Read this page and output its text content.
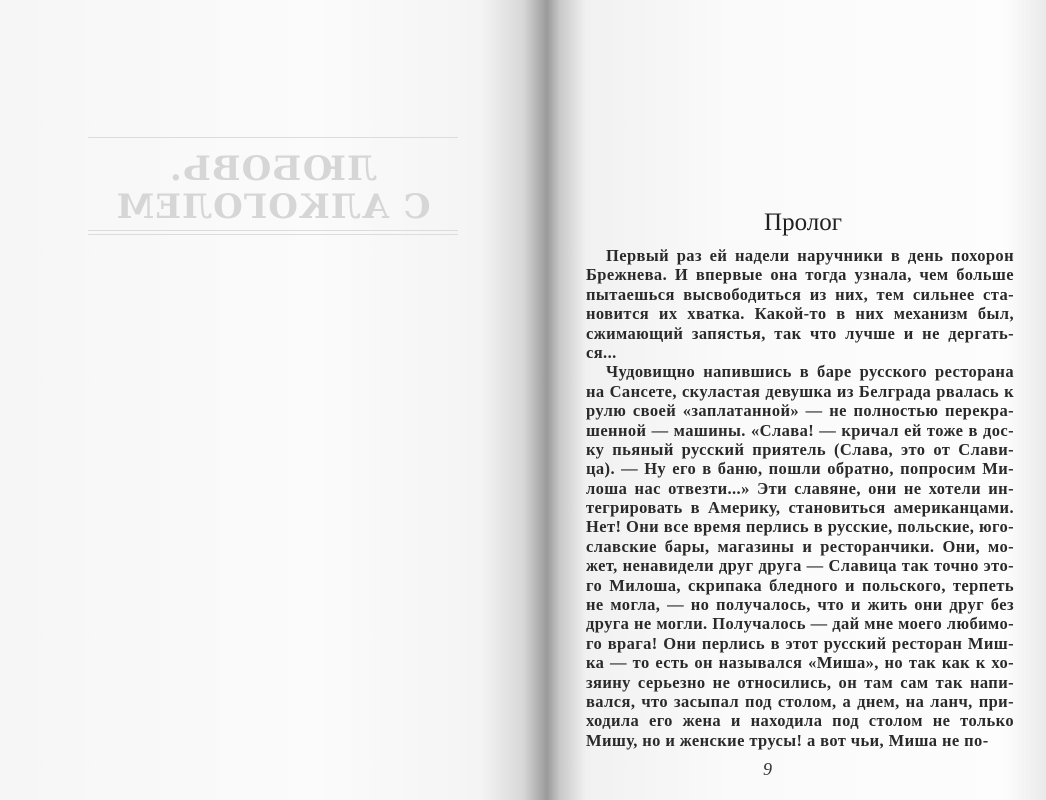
ЛЮБОВЬ.
С АЛКОГОЛЕМ	Пролог
Первый раз ей надели наручники в день похорон
Брежнева. И впервые она тогда узнала, чем больше
пытаешься высвободиться из них, тем сильнее ста-
новится их хватка. Какой-то в них механизм был,
сжимающий запястья, так что лучше и не дергать-
ся...
Чудовищно напившись в баре русского ресторана
на Сансете, скуластая девушка из Белграда рвалась к
рулю своей «заплатанной» — не полностью перекра-
шенной — машины. «Слава! — кричал ей тоже в дос-
ку пьяный русский приятель (Слава, это от Слави-
ца). — Ну его в баню, пошли обратно, попросим Ми-
лоша нас отвезти...» Эти славяне, они не хотели ин-
тегрировать в Америку, становиться американцами.
Нет! Они все время перлись в русские, польские, юго-
славские бары, магазины и ресторанчики. Они, мо-
жет, ненавидели друг друга — Славица так точно это-
го Милоша, скрипака бледного и польского, терпеть
не могла, — но получалось, что и жить они друг без
друга не могли. Получалось — дай мне моего любимо-
го врага! Они перлись в этот русский ресторан Миш-
ка — то есть он назывался «Миша», но так как к хо-
зяину серьезно не относились, он там сам так напи-
вался, что засыпал под столом, а днем, на ланч, при-
ходила его жена и находила под столом не только
Мишу, но и женские трусы! а вот чьи, Миша не по-
9
